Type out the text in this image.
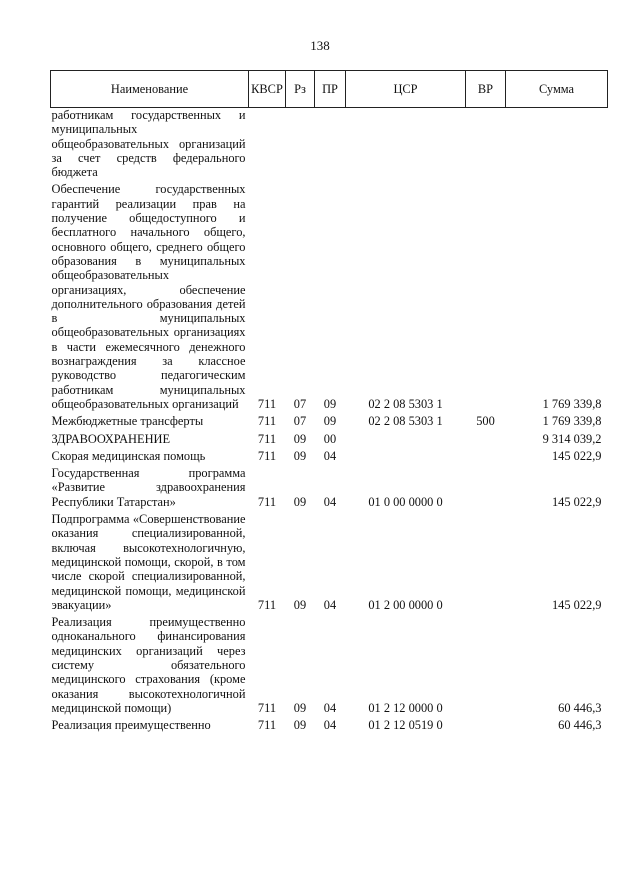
138
Наименование	КВСР	Рз	ПР	ЦСР	ВР	Сумма
работникам государственных и муниципальных общеобразовательных организаций за счет средств федерального бюджета						
Обеспечение государственных гарантий реализации прав на получение общедоступного и бесплатного начального общего, основного общего, среднего общего образования в муниципальных общеобразовательных организациях, обеспечение дополнительного образования детей в муниципальных общеобразовательных организациях в части ежемесячного денежного вознаграждения за классное руководство педагогическим работникам муниципальных общеобразовательных организаций	711	07	09	02 2 08 5303 1		1 769 339,8
Межбюджетные трансферты	711	07	09	02 2 08 5303 1	500	1 769 339,8
ЗДРАВООХРАНЕНИЕ	711	09	00			9 314 039,2
Скорая медицинская помощь	711	09	04			145 022,9
Государственная программа «Развитие здравоохранения Республики Татарстан»	711	09	04	01 0 00 0000 0		145 022,9
Подпрограмма «Совершенствование оказания специализированной, включая высокотехнологичную, медицинской помощи, скорой, в том числе скорой специализированной, медицинской помощи, медицинской эвакуации»	711	09	04	01 2 00 0000 0		145 022,9
Реализация преимущественно одноканального финансирования медицинских организаций через систему обязательного медицинского страхования (кроме оказания высокотехнологичной медицинской помощи)	711	09	04	01 2 12 0000 0		60 446,3
Реализация преимущественно	711	09	04	01 2 12 0519 0		60 446,3
